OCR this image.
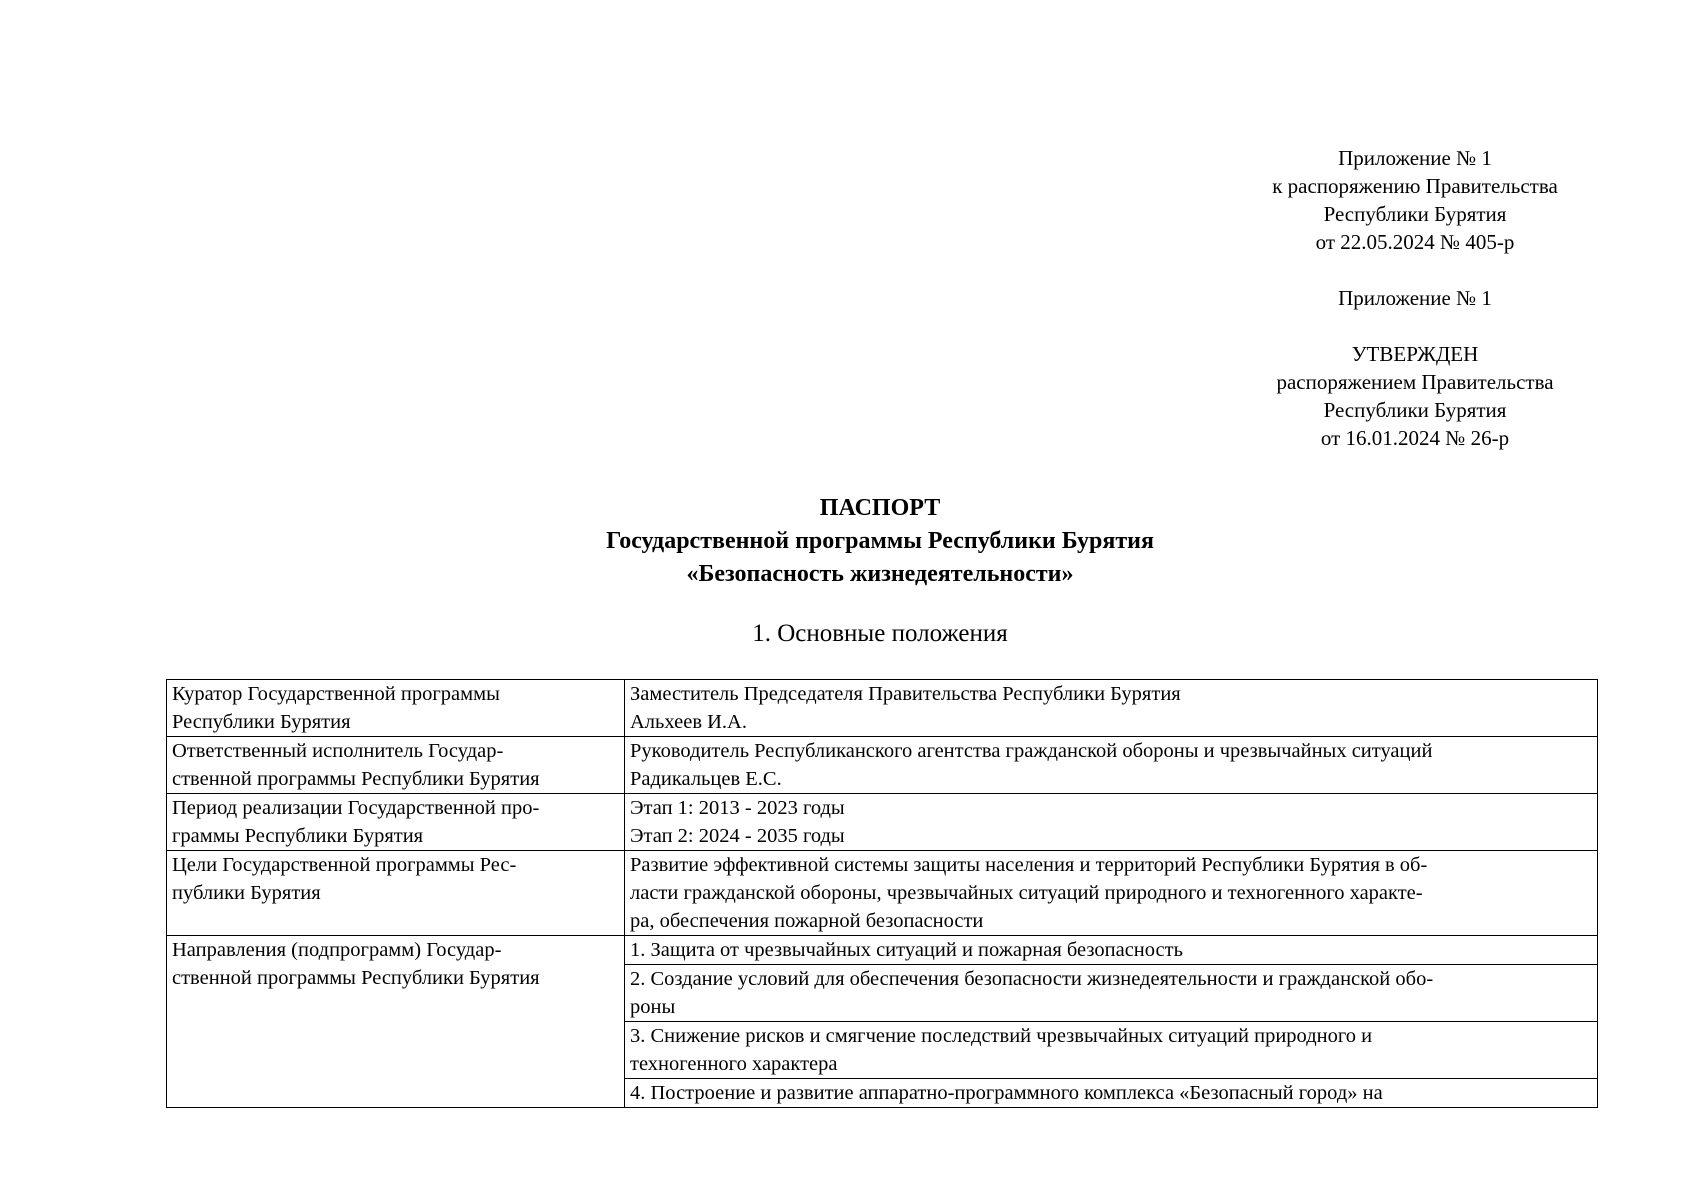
Приложение № 1
к распоряжению Правительства
Республики Бурятия
от 22.05.2024 № 405-р
Приложение № 1
УТВЕРЖДЕН
распоряжением Правительства
Республики Бурятия
от 16.01.2024 № 26-р
ПАСПОРТ
Государственной программы Республики Бурятия
«Безопасность жизнедеятельности»
1. Основные положения
Куратор Государственной программы
Республики Бурятия	Заместитель Председателя Правительства Республики Бурятия
Альхеев И.А.

Ответственный исполнитель Государ-
ственной программы Республики Бурятия	Руководитель Республиканского агентства гражданской обороны и чрезвычайных ситуаций
Радикальцев Е.С.

Период реализации Государственной про-
граммы Республики Бурятия	Этап 1: 2013 - 2023 годы
Этап 2: 2024 - 2035 годы

Цели Государственной программы Рес-
публики Бурятия	Развитие эффективной системы защиты населения и территорий Республики Бурятия в об-
ласти гражданской обороны, чрезвычайных ситуаций природного и техногенного характе-
ра, обеспечения пожарной безопасности

Направления (подпрограмм) Государ-
ственной программы Республики Бурятия	1. Защита от чрезвычайных ситуаций и пожарная безопасность

	2. Создание условий для обеспечения безопасности жизнедеятельности и гражданской обо-
роны

	3. Снижение рисков и смягчение последствий чрезвычайных ситуаций природного и
техногенного характера

	4. Построение и развитие аппаратно-программного комплекса «Безопасный город» на
